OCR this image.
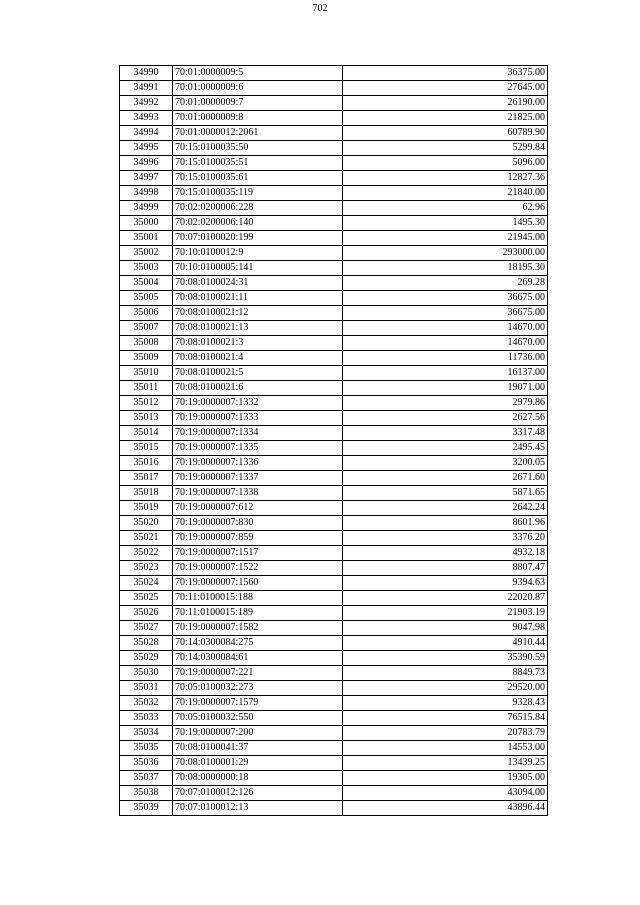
702
34990	70:01:0000009:5	36375.00
34991	70:01:0000009:6	27645.00
34992	70:01:0000009:7	26190.00
34993	70:01:0000009:8	21825.00
34994	70:01:0000012:2061	60789.90
34995	70:15:0100035:50	5299.84
34996	70:15:0100035:51	5096.00
34997	70:15:0100035:61	12827.36
34998	70:15:0100035:119	21840.00
34999	70:02:0200006:228	62.96
35000	70:02:0200006:140	1495.30
35001	70:07:0100020:199	21945.00
35002	70:10:0100012:9	293000.00
35003	70:10:0100005:141	18195.30
35004	70:08:0100024:31	269.28
35005	70:08:0100021:11	36675.00
35006	70:08:0100021:12	36675.00
35007	70:08:0100021:13	14670.00
35008	70:08:0100021:3	14670.00
35009	70:08:0100021:4	11736.00
35010	70:08:0100021:5	16137.00
35011	70:08:0100021:6	19071.00
35012	70:19:0000007:1332	2979.86
35013	70:19:0000007:1333	2627.56
35014	70:19:0000007:1334	3317.48
35015	70:19:0000007:1335	2495.45
35016	70:19:0000007:1336	3200.05
35017	70:19:0000007:1337	2671.60
35018	70:19:0000007:1338	5871.65
35019	70:19:0000007:612	2642.24
35020	70:19:0000007:830	8601.96
35021	70:19:0000007:859	3376.20
35022	70:19:0000007:1517	4932.18
35023	70:19:0000007:1522	8807.47
35024	70:19:0000007:1560	9394.63
35025	70:11:0100015:188	22020.87
35026	70:11:0100015:189	21903.19
35027	70:19:0000007:1582	9047.98
35028	70:14:0300084:275	4910.44
35029	70:14:0300084:61	35390.59
35030	70:19:0000007:221	8849.73
35031	70:05:0100032:273	29520.00
35032	70:19:0000007:1579	9328.43
35033	70:05:0100032:550	76515.84
35034	70:19:0000007:200	20783.79
35035	70:08:0100041:37	14553.00
35036	70:08:0100001:29	13439.25
35037	70:08:0000000:18	19305.00
35038	70:07:0100012:126	43094.00
35039	70:07:0100012:13	43896.44
